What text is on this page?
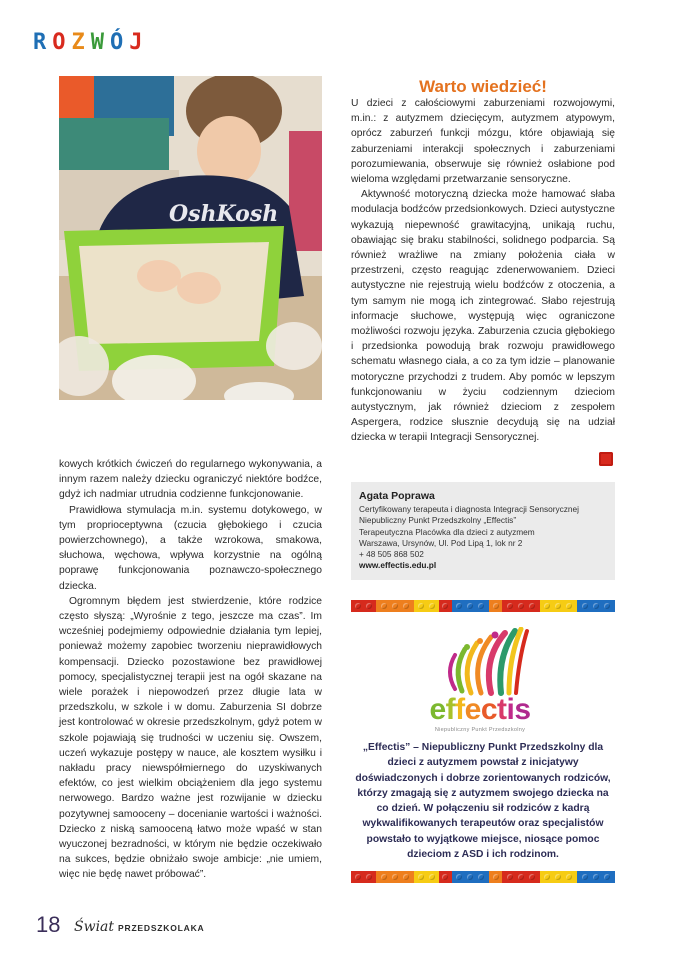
R O Z W Ó J
OshKosh

kowych krótkich ćwiczeń do regularnego wykonywania, a innym razem należy dziecku ograniczyć niektóre bodźce, gdyż ich nadmiar utrudnia codzienne funkcjonowanie.

Prawidłowa stymulacja m.in. systemu dotykowego, w tym proprioceptywna (czucia głębokiego i czucia powierzchownego), a także wzrokowa, smakowa, słuchowa, węchowa, wpływa korzystnie na ogólną poprawę funkcjonowania poznawczo-społecznego dziecka.

Ogromnym błędem jest stwierdzenie, które rodzice często słyszą: „Wyrośnie z tego, jeszcze ma czas”. Im wcześniej podejmiemy odpowiednie działania tym lepiej, ponieważ możemy zapobiec tworzeniu nieprawidłowych kompensacji. Dziecko pozostawione bez prawidłowej pomocy, specjalistycznej terapii jest na ogół skazane na wiele porażek i niepowodzeń przez długie lata w przedszkolu, w szkole i w domu. Zaburzenia SI dobrze jest kontrolować w okresie przedszkolnym, gdyż potem w szkole pojawiają się trudności w uczeniu się. Owszem, uczeń wykazuje postępy w nauce, ale kosztem wysiłku i nakładu pracy niewspółmiernego do uzyskiwanych efektów, co jest wielkim obciążeniem dla jego systemu nerwowego. Bardzo ważne jest rozwijanie w dziecku pozytywnej samooceny – docenianie wartości i ważności. Dziecko z niską samooceną łatwo może wpaść w stan wyuczonej bezradności, w którym nie będzie oczekiwało na sukces, będzie obniżało swoje ambicje: „nie umiem, więc nie będę nawet próbować”.

Warto wiedzieć!

U dzieci z całościowymi zaburzeniami rozwojowymi, m.in.: z autyzmem dziecięcym, autyzmem atypowym, oprócz zaburzeń funkcji mózgu, które objawiają się zaburzeniami interakcji społecznych i zaburzeniami porozumiewania, obserwuje się również osłabione pod wieloma względami przetwarzanie sensoryczne.

Aktywność motoryczną dziecka może hamować słaba modulacja bodźców przedsionkowych. Dzieci autystyczne wykazują niepewność grawitacyjną, unikają ruchu, obawiając się braku stabilności, solidnego podparcia. Są również wrażliwe na zmiany położenia ciała w przestrzeni, często reagując zdenerwowaniem. Dzieci autystyczne nie rejestrują wielu bodźców z otoczenia, a tym samym nie mogą ich zintegrować. Słabo rejestrują informacje słuchowe, występują więc ograniczone możliwości rozwoju języka. Zaburzenia czucia głębokiego i przedsionka powodują brak rozwoju prawidłowego schematu własnego ciała, a co za tym idzie – planowanie motoryczne przychodzi z trudem. Aby pomóc w lepszym funkcjonowaniu w życiu codziennym dzieciom autystycznym, jak również dzieciom z zespołem Aspergera, rodzice słusznie decydują się na udział dziecka w terapii Integracji Sensorycznej.

Agata Poprawa
Certyfikowany terapeuta i diagnosta Integracji Sensorycznej
Niepubliczny Punkt Przedszkolny „Effectis”
Terapeutyczna Placówka dla dzieci z autyzmem
Warszawa, Ursynów, Ul. Pod Lipą 1, lok nr 2
+ 48 505 868 502
www.effectis.edu.pl
effectis
Niepubliczny Punkt Przedszkolny
„Effectis” – Niepubliczny Punkt Przedszkolny dla dzieci z autyzmem powstał z inicjatywy doświadczonych i dobrze zorientowanych rodziców, którzy zmagają się z autyzmem swojego dziecka na co dzień. W połączeniu sił rodziców z kadrą wykwalifikowanych terapeutów oraz specjalistów powstało to wyjątkowe miejsce, niosące pomoc dzieciom z ASD i ich rodzinom.
18 Świat PRZEDSZKOLAKA
